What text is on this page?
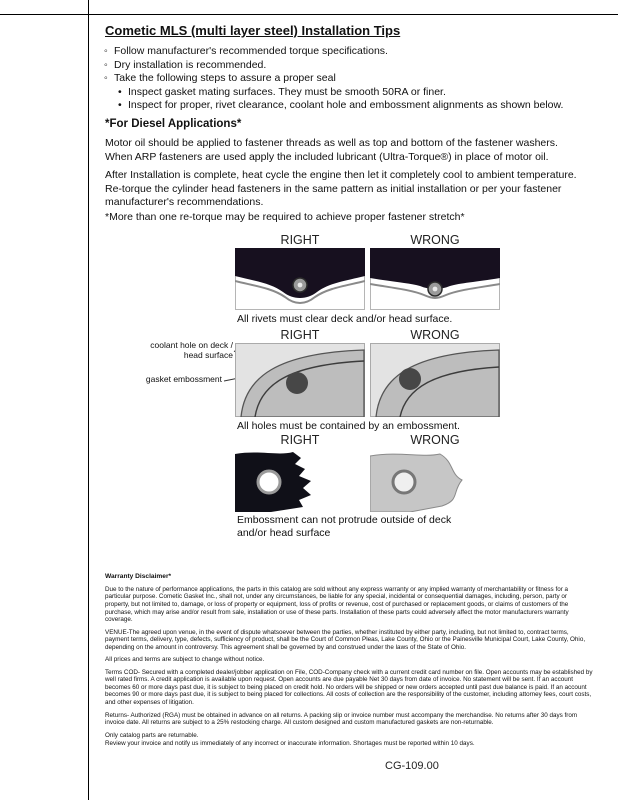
Cometic MLS (multi layer steel) Installation Tips
◦
Follow manufacturer's recommended torque specifications.
◦
Dry installation is recommended.
◦
Take the following steps to assure a proper seal
•
Inspect gasket mating surfaces. They must be smooth 50RA or finer.
•
Inspect for proper, rivet clearance, coolant hole and embossment alignments as shown below.
*For Diesel Applications*
Motor oil should be applied to fastener threads as well as top and bottom of the fastener washers. When ARP fasteners are used apply the included lubricant (Ultra-Torque®) in place of motor oil.
After Installation is complete, heat cycle the engine then let it completely cool to ambient temperature. Re-torque the cylinder head fasteners in the same pattern as initial installation or per your fastener manufacturer's recommendations.
*More than one re-torque may be required to achieve proper fastener stretch*
RIGHT	WRONG
All rivets must clear deck and/or head surface.
RIGHT	WRONG
coolant hole on deck / head surface
gasket embossment
All holes must be contained by an embossment.
RIGHT	WRONG
Embossment can not protrude outside of deck and/or head surface
Warranty Disclaimer*

Due to the nature of performance applications, the parts in this catalog are sold without any express warranty or any implied warranty of merchantability or fitness for a particular purpose. Cometic Gasket Inc., shall not, under any circumstances, be liable for any special, incidental or consequential damages, including, person, party or property, but not limited to, damage, or loss of property or equipment, loss of profits or revenue, cost of purchased or replacement goods, or claims of customers of the purchase, which may arise and/or result from sale, installation or use of these parts. Installation of these parts could adversely affect the motor manufacturers warranty coverage.

VENUE-The agreed upon venue, in the event of dispute whatsoever between the parties, whether instituted by either party, including, but not limited to, contract terms, payment terms, delivery, type, defects, sufficiency of product, shall be the Court of Common Pleas, Lake County, Ohio or the Painesville Municipal Court, Lake County, Ohio, depending on the amount in controversy. This agreement shall be governed by and construed under the laws of the State of Ohio.

All prices and terms are subject to change without notice.

Terms COD- Secured with a completed dealer/jobber application on File, COD-Company check with a current credit card number on file. Open accounts may be established by well rated firms. A credit application is available upon request. Open accounts are due payable Net 30 days from date of invoice. No statement will be sent. If an account becomes 60 or more days past due, it is subject to being placed on credit hold. No orders will be shipped or new orders accepted until past due balance is paid. If an account becomes 90 or more days past due, it is subject to being placed for collections. All costs of collection are the responsibility of the customer, including attorney fees, court costs, and other expenses of litigation.

Returns- Authorized (RGA) must be obtained in advance on all returns. A packing slip or invoice number must accompany the merchandise. No returns after 30 days from invoice date. All returns are subject to a 25% restocking charge. All custom designed and custom manufactured gaskets are non-returnable.

Only catalog parts are returnable.

Review your invoice and notify us immediately of any incorrect or inaccurate information. Shortages must be reported within 10 days.

CG-109.00
